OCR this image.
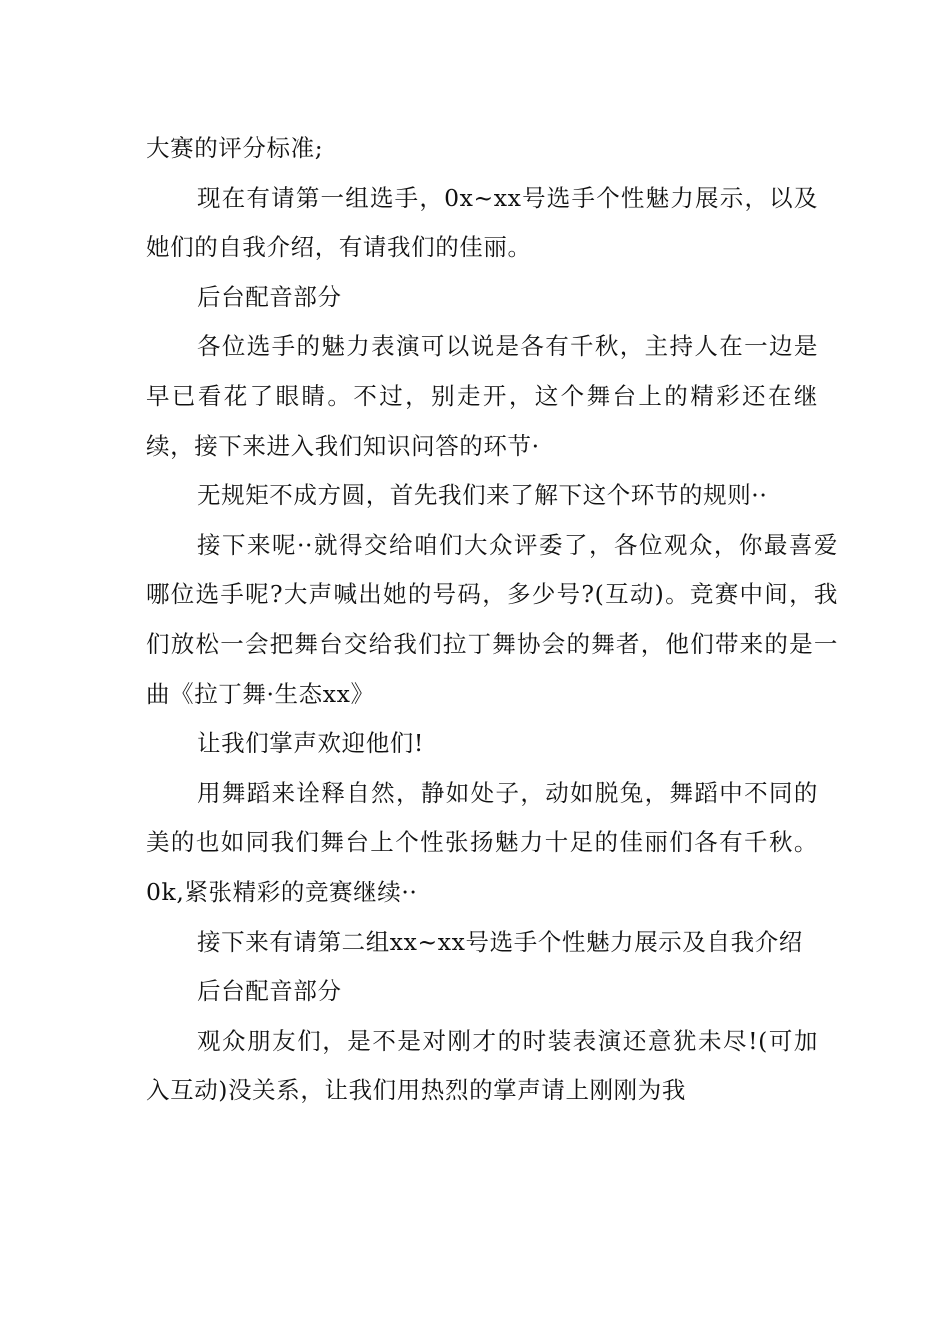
大赛的评分标准;

现在有请第一组选手，0x~xx号选手个性魅力展示，以及她们的自我介绍，有请我们的佳丽。

后台配音部分

各位选手的魅力表演可以说是各有千秋，主持人在一边是早已看花了眼睛。不过，别走开，这个舞台上的精彩还在继续，接下来进入我们知识问答的环节·

无规矩不成方圆，首先我们来了解下这个环节的规则··

接下来呢··就得交给咱们大众评委了，各位观众，你最喜爱哪位选手呢?大声喊出她的号码，多少号?(互动)。竞赛中间，我们放松一会把舞台交给我们拉丁舞协会的舞者，他们带来的是一曲《拉丁舞·生态xx》

让我们掌声欢迎他们!

用舞蹈来诠释自然，静如处子，动如脱兔，舞蹈中不同的美的也如同我们舞台上个性张扬魅力十足的佳丽们各有千秋。0k,紧张精彩的竞赛继续··

接下来有请第二组xx~xx号选手个性魅力展示及自我介绍

后台配音部分

观众朋友们，是不是对刚才的时装表演还意犹未尽!(可加入互动)没关系，让我们用热烈的掌声请上刚刚为我
